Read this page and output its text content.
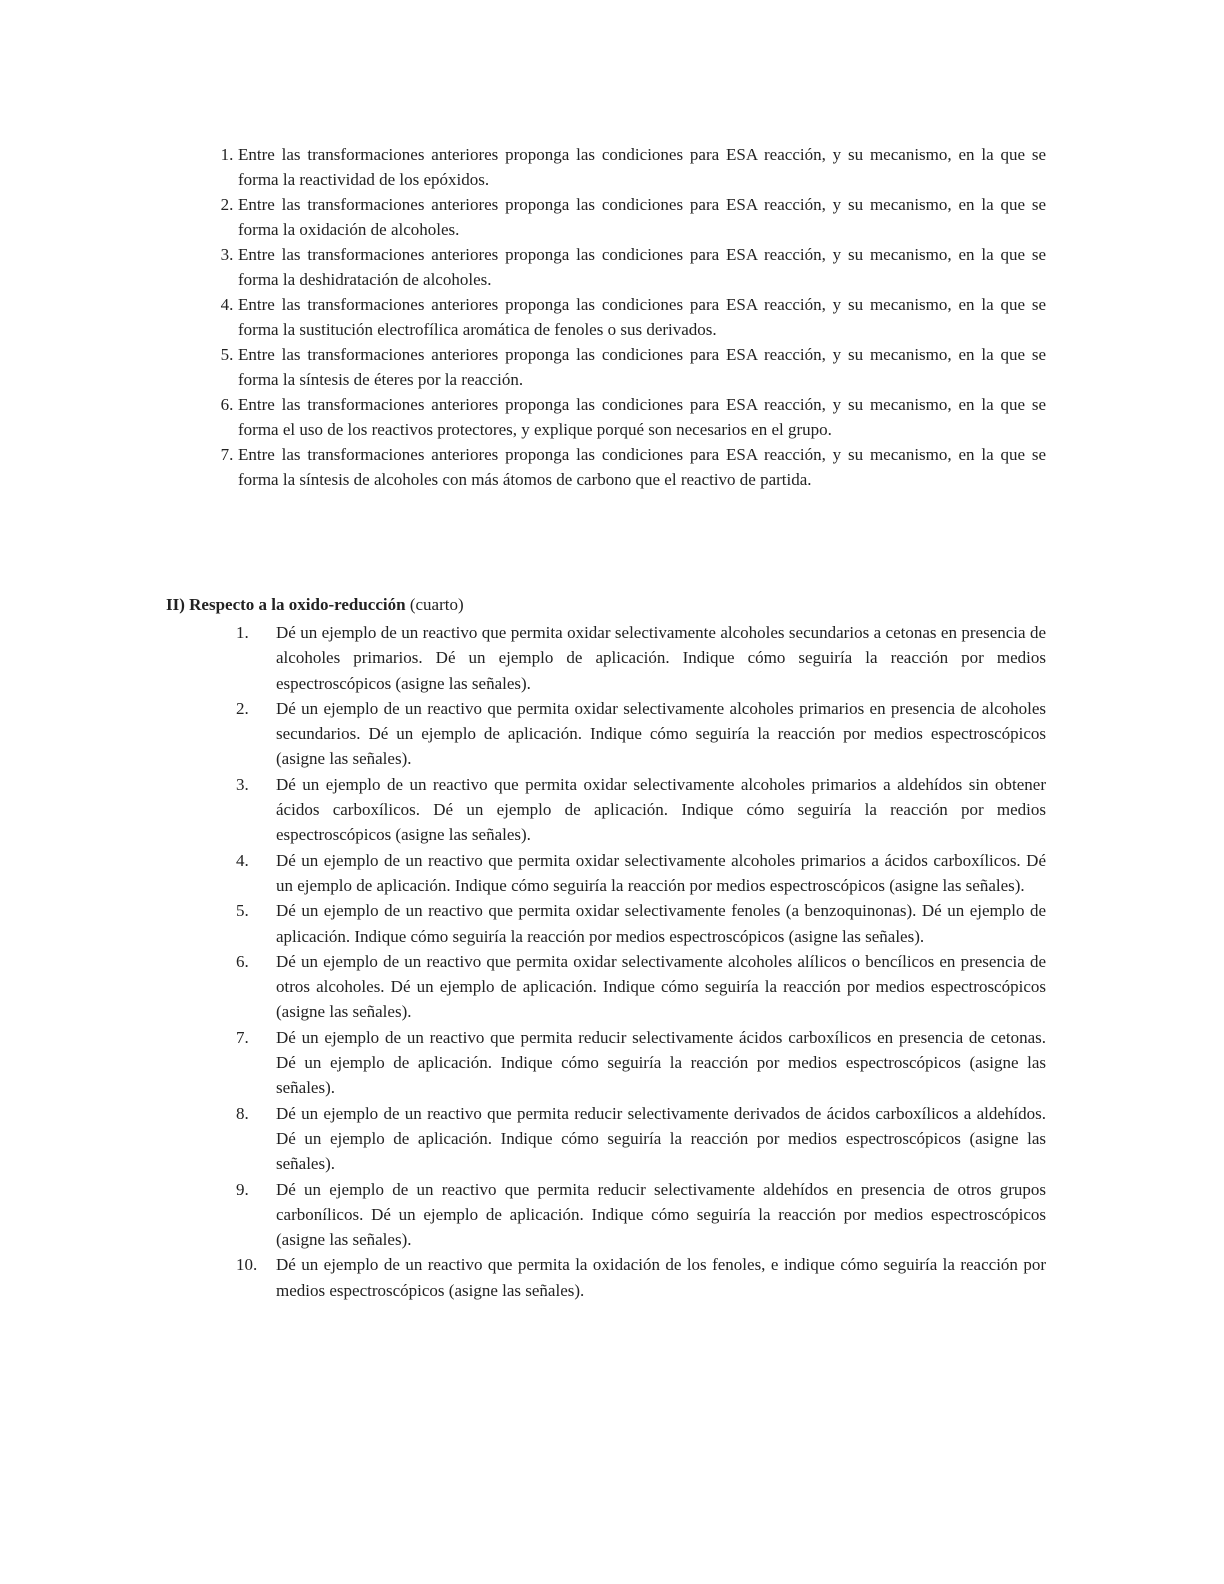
1. Entre las transformaciones anteriores proponga las condiciones para ESA reacción, y su mecanismo, en la que se forma la reactividad de los epóxidos.
2. Entre las transformaciones anteriores proponga las condiciones para ESA reacción, y su mecanismo, en la que se forma la oxidación de alcoholes.
3. Entre las transformaciones anteriores proponga las condiciones para ESA reacción, y su mecanismo, en la que se forma la deshidratación de alcoholes.
4. Entre las transformaciones anteriores proponga las condiciones para ESA reacción, y su mecanismo, en la que se forma la sustitución electrofílica aromática de fenoles o sus derivados.
5. Entre las transformaciones anteriores proponga las condiciones para ESA reacción, y su mecanismo, en la que se forma la síntesis de éteres por la reacción.
6. Entre las transformaciones anteriores proponga las condiciones para ESA reacción, y su mecanismo, en la que se forma el uso de los reactivos protectores, y explique porqué son necesarios en el grupo.
7. Entre las transformaciones anteriores proponga las condiciones para ESA reacción, y su mecanismo, en la que se forma la síntesis de alcoholes con más átomos de carbono que el reactivo de partida.

II) Respecto a la oxido-reducción (cuarto)

1.	Dé un ejemplo de un reactivo que permita oxidar selectivamente alcoholes secundarios a cetonas en presencia de alcoholes primarios. Dé un ejemplo de aplicación. Indique cómo seguiría la reacción por medios espectroscópicos (asigne las señales).
2.	Dé un ejemplo de un reactivo que permita oxidar selectivamente alcoholes primarios en presencia de alcoholes secundarios. Dé un ejemplo de aplicación. Indique cómo seguiría la reacción por medios espectroscópicos (asigne las señales).
3.	Dé un ejemplo de un reactivo que permita oxidar selectivamente alcoholes primarios a aldehídos sin obtener ácidos carboxílicos. Dé un ejemplo de aplicación. Indique cómo seguiría la reacción por medios espectroscópicos (asigne las señales).
4.	Dé un ejemplo de un reactivo que permita oxidar selectivamente alcoholes primarios a ácidos carboxílicos. Dé un ejemplo de aplicación. Indique cómo seguiría la reacción por medios espectroscópicos (asigne las señales).
5.	Dé un ejemplo de un reactivo que permita oxidar selectivamente fenoles (a benzoquinonas). Dé un ejemplo de aplicación. Indique cómo seguiría la reacción por medios espectroscópicos (asigne las señales).
6.	Dé un ejemplo de un reactivo que permita oxidar selectivamente alcoholes alílicos o bencílicos en presencia de otros alcoholes. Dé un ejemplo de aplicación. Indique cómo seguiría la reacción por medios espectroscópicos (asigne las señales).
7.	Dé un ejemplo de un reactivo que permita reducir selectivamente ácidos carboxílicos en presencia de cetonas. Dé un ejemplo de aplicación. Indique cómo seguiría la reacción por medios espectroscópicos (asigne las señales).
8.	Dé un ejemplo de un reactivo que permita reducir selectivamente derivados de ácidos carboxílicos a aldehídos. Dé un ejemplo de aplicación. Indique cómo seguiría la reacción por medios espectroscópicos (asigne las señales).
9.	Dé un ejemplo de un reactivo que permita reducir selectivamente aldehídos en presencia de otros grupos carbonílicos. Dé un ejemplo de aplicación. Indique cómo seguiría la reacción por medios espectroscópicos (asigne las señales).
10.	Dé un ejemplo de un reactivo que permita la oxidación de los fenoles, e indique cómo seguiría la reacción por medios espectroscópicos (asigne las señales).
